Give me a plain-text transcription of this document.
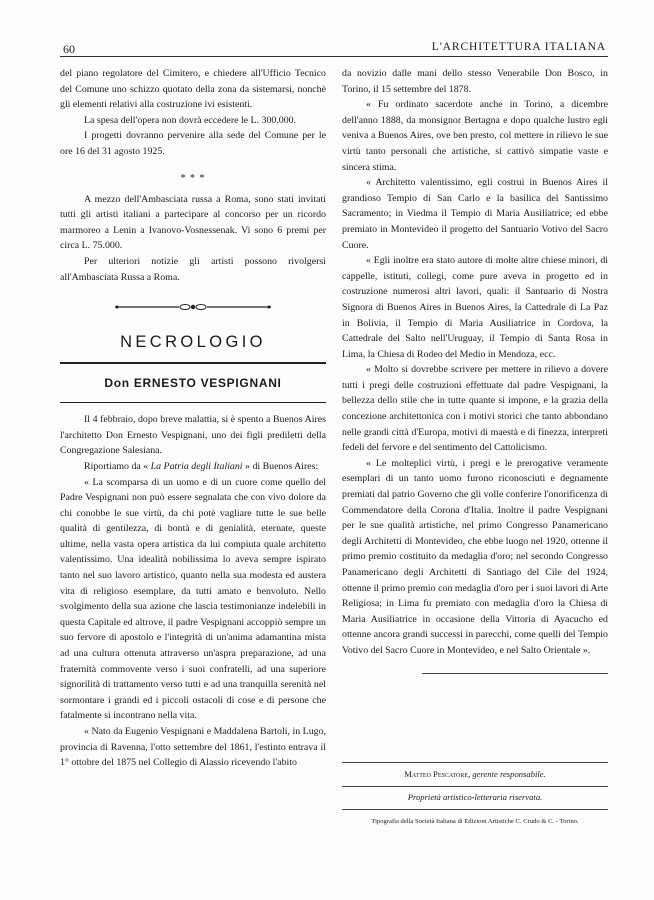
60	L'ARCHITETTURA ITALIANA

del piano regolatore del Cimitero, e chiedere all'Ufficio Tecnico del Comune uno schizzo quotato della zona da sistemarsi, nonchè gli elementi relativi alla costruzione ivi esistenti.

La spesa dell'opera non dovrà eccedere le L. 300.000.

I progetti dovranno pervenire alla sede del Comune per le ore 16 del 31 agosto 1925.

* * *

A mezzo dell'Ambasciata russa a Roma, sono stati invitati tutti gli artisti italiani a partecipare al concorso per un ricordo marmoreo a Lenin a Ivanovo-Vosnessenak. Vi sono 6 premi per circa L. 75.000.

Per ulteriori notizie gli artisti possono rivolgersi all'Ambasciata Russa a Roma.

NECROLOGIO
Don ERNESTO VESPIGNANI

Il 4 febbraio, dopo breve malattia, si è spento a Buenos Aires l'architetto Don Ernesto Vespignani, uno dei figli prediletti della Congregazione Salesiana.

Riportiamo da « La Patria degli Italiani » di Buenos Aires:

« La scomparsa di un uomo e di un cuore come quello del Padre Vespignani non può essere segnalata che con vivo dolore da chi conobbe le sue virtù, da chi potè vagliare tutte le sue belle qualità di gentilezza, di bontà e di genialità, eternate, queste ultime, nella vasta opera artistica da lui compiuta quale architetto valentissimo. Una idealità nobilissima lo aveva sempre ispirato tanto nel suo lavoro artistico, quanto nella sua modesta ed austera vita di religioso esemplare, da tutti amato e benvoluto. Nello svolgimento della sua azione che lascia testimonianze indelebili in questa Capitale ed altrove, il padre Vespignani accoppiò sempre un suo fervore di apostolo e l'integrità di un'anima adamantina mista ad una cultura ottenuta attraverso un'aspra preparazione, ad una fraternità commovente verso i suoi confratelli, ad una superiore signorilità di trattamento verso tutti e ad una tranquilla serenità nel sormontare i grandi ed i piccoli ostacoli di cose e di persone che fatalmente si incontrano nella vita.

« Nato da Eugenio Vespignani e Maddalena Bartoli, in Lugo, provincia di Ravenna, l'otto settembre del 1861, l'estinto entrava il 1° ottobre del 1875 nel Collegio di Alassio ricevendo l'abito

da novizio dalle mani dello stesso Venerabile Don Bosco, in Torino, il 15 settembre del 1878.

« Fu ordinato sacerdote anche in Torino, a dicembre dell'anno 1888, da monsignor Bertagna e dopo qualche lustro egli veniva a Buenos Aires, ove ben presto, col mettere in rilievo le sue virtù tanto personali che artistiche, si cattivò simpatie vaste e sincera stima.

« Architetto valentissimo, egli costruì in Buenos Aires il grandioso Tempio di San Carlo e la basilica del Santissimo Sacramento; in Viedma il Tempio di Maria Ausiliatrice; ed ebbe premiato in Montevideo il progetto del Santuario Votivo del Sacro Cuore.

« Egli inoltre era stato autore di molte altre chiese minori, di cappelle, istituti, collegi, come pure aveva in progetto ed in costruzione numerosi altri lavori, quali: il Santuario di Nostra Signora di Buenos Aires in Buenos Aires, la Cattedrale di La Paz in Bolivia, il Tempio di Maria Ausiliatrice in Cordova, la Cattedrale del Salto nell'Uruguay, il Tempio di Santa Rosa in Lima, la Chiesa di Rodeo del Medio in Mendoza, ecc.

« Molto si dovrebbe scrivere per mettere in rilievo a dovere tutti i pregi delle costruzioni effettuate dal padre Vespignani, la bellezza dello stile che in tutte quante si impone, e la grazia della concezione architettonica con i motivi storici che tanto abbondano nelle grandi città d'Europa, motivi di maestà e di finezza, interpreti fedeli del fervore e del sentimento del Cattolicismo.

« Le molteplici virtù, i pregi e le prerogative veramente esemplari di un tanto uomo furono riconosciuti e degnamente premiati dal patrio Governo che gli volle conferire l'onorificenza di Commendatore della Corona d'Italia. Inoltre il padre Vespignani per le sue qualità artistiche, nel primo Congresso Panamericano degli Architetti di Montevideo, che ebbe luogo nel 1920, ottenne il primo premio costituito da medaglia d'oro; nel secondo Congresso Panamericano degli Architetti di Santiago del Cile del 1924, ottenne il primo premio con medaglia d'oro per i suoi lavori di Arte Religiosa; in Lima fu premiato con medaglia d'oro la Chiesa di Maria Ausiliatrice in occasione della Vittoria di Ayacucho ed ottenne ancora grandi successi in parecchi, come quelli del Tempio Votivo del Sacro Cuore in Montevideo, e nel Salto Orientale ».

Matteo Pescatore, gerente responsabile.
Proprietà artistico-letteraria riservata.
Tipografia della Società Italiana di Edizioni Artistiche C. Crudo & C. - Torino.
